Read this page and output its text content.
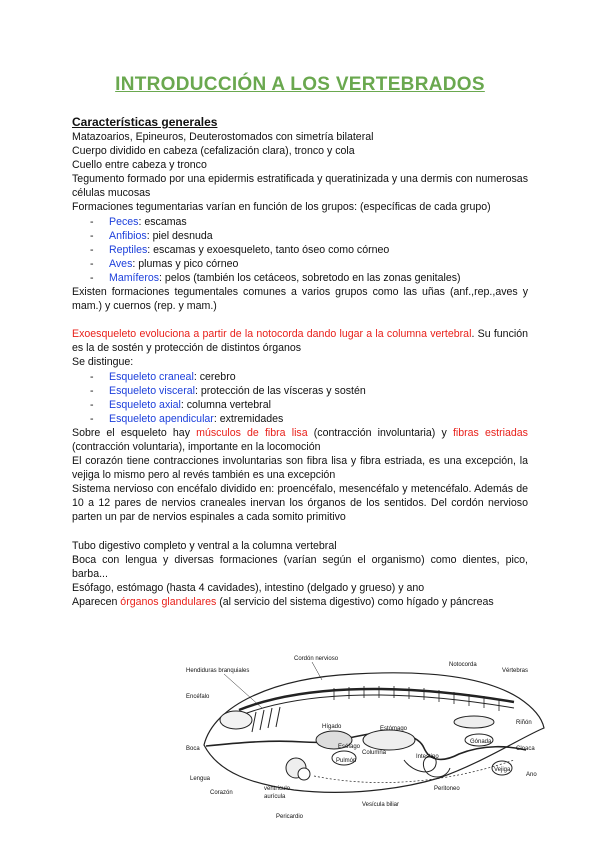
INTRODUCCIÓN A LOS VERTEBRADOS

Características generales

Matazoarios, Epineuros, Deuterostomados con simetría bilateral

Cuerpo dividido en cabeza (cefalización clara), tronco y cola

Cuello entre cabeza y tronco

Tegumento formado por una epidermis estratificada y queratinizada y una dermis con numerosas células mucosas

Formaciones tegumentarias varían en función de los grupos: (específicas de cada grupo)

- Peces: escamas

- Anfibios: piel desnuda

- Reptiles: escamas y exoesqueleto, tanto óseo como córneo

- Aves: plumas y pico córneo

- Mamíferos: pelos (también los cetáceos, sobretodo en las zonas genitales)

Existen formaciones tegumentales comunes a varios grupos como las uñas (anf.,rep.,aves y mam.) y cuernos (rep. y mam.)

Exoesqueleto evoluciona a partir de la notocorda dando lugar a la columna vertebral. Su función es la de sostén y protección de distintos órganos

Se distingue:

- Esqueleto craneal: cerebro

- Esqueleto visceral: protección de las vísceras y sostén

- Esqueleto axial: columna vertebral

- Esqueleto apendicular: extremidades

Sobre el esqueleto hay músculos de fibra lisa (contracción involuntaria) y fibras estriadas (contracción voluntaria), importante en la locomoción

El corazón tiene contracciones involuntarias son fibra lisa y fibra estriada, es una excepción, la vejiga lo mismo pero al revés también es una excepción

Sistema nervioso con encéfalo dividido en: proencéfalo, mesencéfalo y metencéfalo. Además de 10 a 12 pares de nervios craneales inervan los órganos de los sentidos. Del cordón nervioso parten un par de nervios espinales a cada somito primitivo

Tubo digestivo completo y ventral a la columna vertebral

Boca con lengua y diversas formaciones (varían según el organismo) como dientes, pico, barba...

Esófago, estómago (hasta 4 cavidades), intestino (delgado y grueso) y ano

Aparecen órganos glandulares (al servicio del sistema digestivo) como hígado y páncreas

Cordón nervioso
Notocorda
Vértebras
Hendiduras branquiales
Encéfalo
Hígado	Estómago
Esófago
Intestino
Gónada
Riñón
Vejiga
Cloaca
Ano
Boca
Pulmón
Columna
Lengua
Corazón
ventrículo
aurícula
Peritoneo
Pericardio
Vesícula biliar
